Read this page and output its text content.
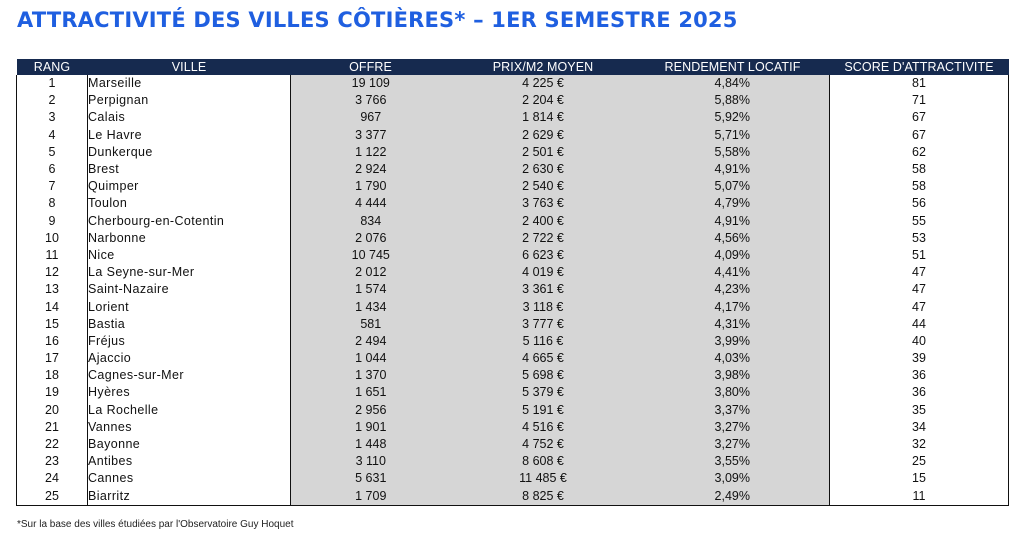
ATTRACTIVITÉ DES VILLES CÔTIÈRES* – 1ER SEMESTRE 2025
RANG	VILLE	OFFRE	PRIX/M2 MOYEN	RENDEMENT LOCATIF	SCORE D'ATTRACTIVITE
1	Marseille	19 109	4 225 €	4,84%	81
2	Perpignan	3 766	2 204 €	5,88%	71
3	Calais	967	1 814 €	5,92%	67
4	Le Havre	3 377	2 629 €	5,71%	67
5	Dunkerque	1 122	2 501 €	5,58%	62
6	Brest	2 924	2 630 €	4,91%	58
7	Quimper	1 790	2 540 €	5,07%	58
8	Toulon	4 444	3 763 €	4,79%	56
9	Cherbourg-en-Cotentin	834	2 400 €	4,91%	55
10	Narbonne	2 076	2 722 €	4,56%	53
11	Nice	10 745	6 623 €	4,09%	51
12	La Seyne-sur-Mer	2 012	4 019 €	4,41%	47
13	Saint-Nazaire	1 574	3 361 €	4,23%	47
14	Lorient	1 434	3 118 €	4,17%	47
15	Bastia	581	3 777 €	4,31%	44
16	Fréjus	2 494	5 116 €	3,99%	40
17	Ajaccio	1 044	4 665 €	4,03%	39
18	Cagnes-sur-Mer	1 370	5 698 €	3,98%	36
19	Hyères	1 651	5 379 €	3,80%	36
20	La Rochelle	2 956	5 191 €	3,37%	35
21	Vannes	1 901	4 516 €	3,27%	34
22	Bayonne	1 448	4 752 €	3,27%	32
23	Antibes	3 110	8 608 €	3,55%	25
24	Cannes	5 631	11 485 €	3,09%	15
25	Biarritz	1 709	8 825 €	2,49%	11
*Sur la base des villes étudiées par l'Observatoire Guy Hoquet
